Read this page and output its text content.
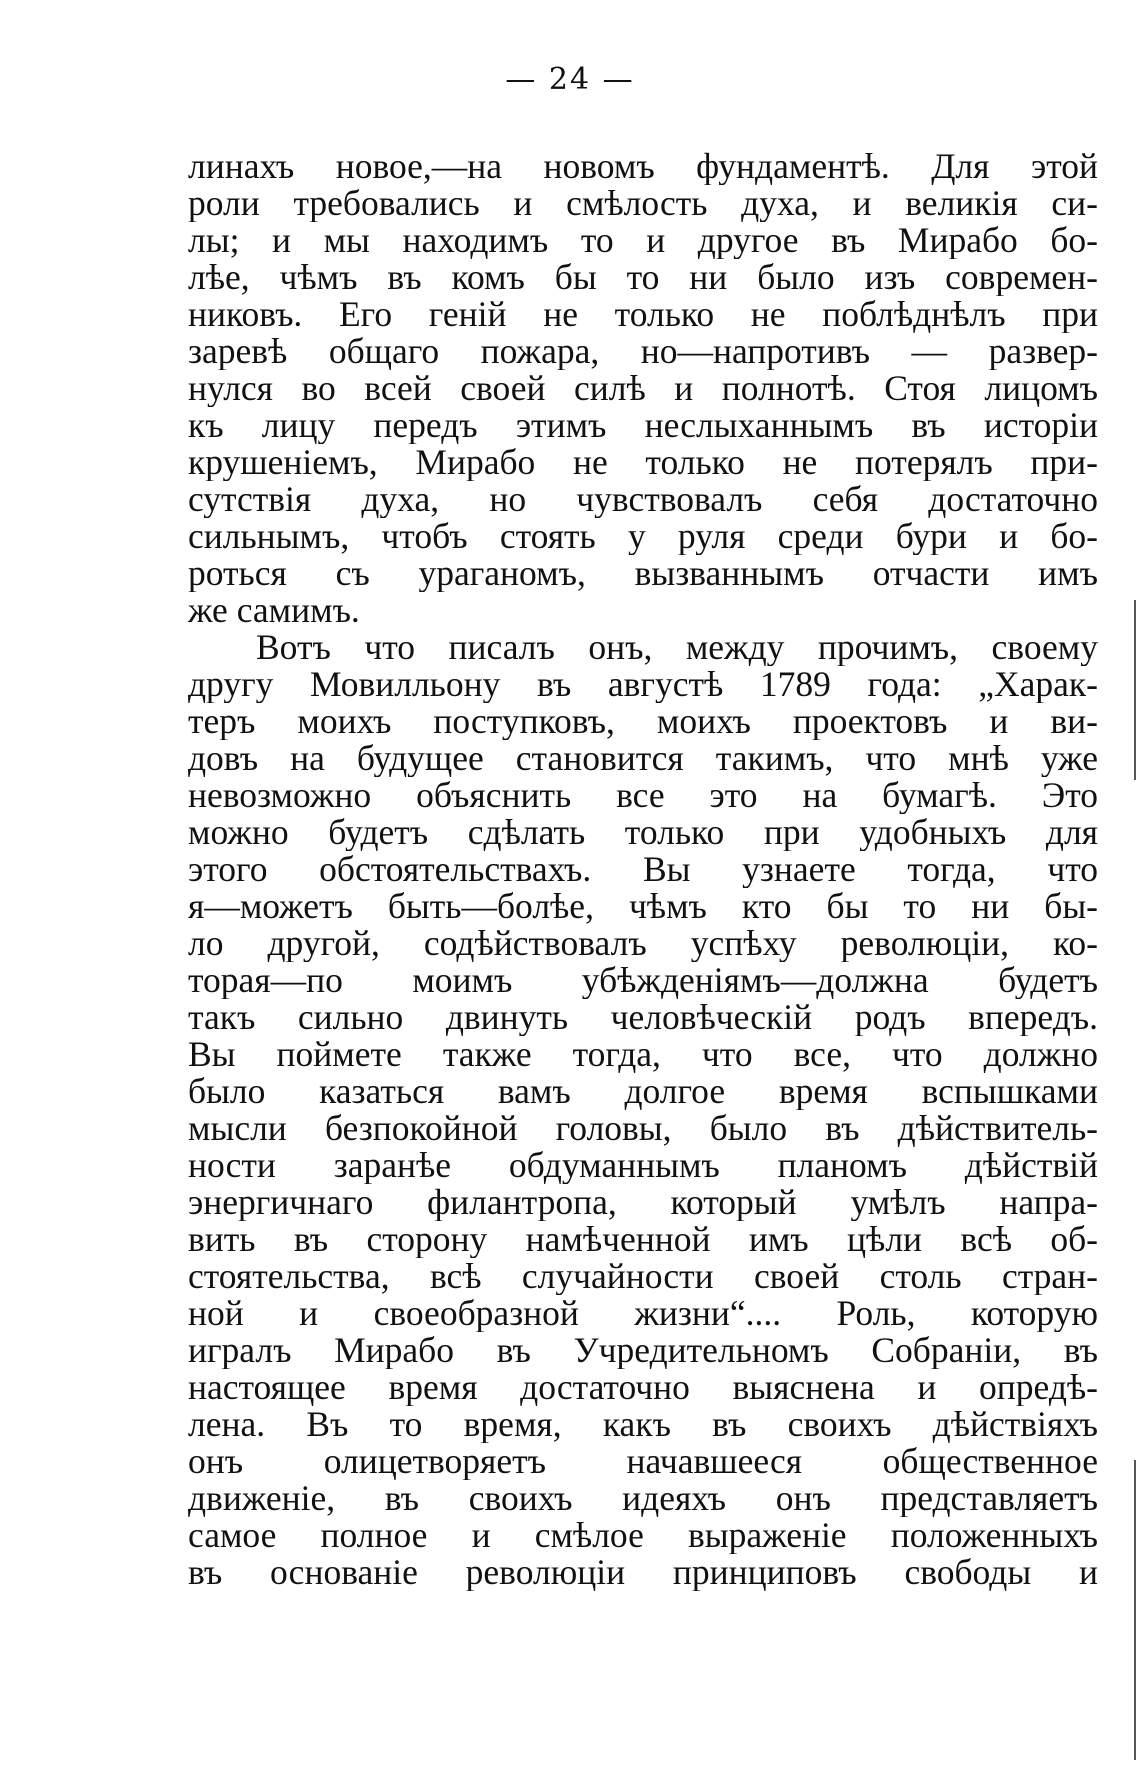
— 24 —
линахъ новое,—на новомъ фундаментѣ. Для этой
роли требовались и смѣлость духа, и великія си-
лы; и мы находимъ то и другое въ Мирабо бо-
лѣе, чѣмъ въ комъ бы то ни было изъ современ-
никовъ. Его геній не только не поблѣднѣлъ при
заревѣ общаго пожара, но—напротивъ — развер-
нулся во всей своей силѣ и полнотѣ. Стоя лицомъ
къ лицу передъ этимъ неслыханнымъ въ исторіи
крушеніемъ, Мирабо не только не потерялъ при-
сутствія духа, но чувствовалъ себя достаточно
сильнымъ, чтобъ стоять у руля среди бури и бо-
роться съ ураганомъ, вызваннымъ отчасти имъ
же самимъ.
Вотъ что писалъ онъ, между прочимъ, своему
другу Мовилльону въ августѣ 1789 года: „Харак-
теръ моихъ поступковъ, моихъ проектовъ и ви-
довъ на будущее становится такимъ, что мнѣ уже
невозможно объяснить все это на бумагѣ. Это
можно будетъ сдѣлать только при удобныхъ для
этого обстоятельствахъ. Вы узнаете тогда, что
я—можетъ быть—болѣе, чѣмъ кто бы то ни бы-
ло другой, содѣйствовалъ успѣху революціи, ко-
торая—по моимъ убѣжденіямъ—должна будетъ
такъ сильно двинуть человѣческій родъ впередъ.
Вы поймете также тогда, что все, что должно
было казаться вамъ долгое время вспышками
мысли безпокойной головы, было въ дѣйствитель-
ности заранѣе обдуманнымъ планомъ дѣйствій
энергичнаго филантропа, который умѣлъ напра-
вить въ сторону намѣченной имъ цѣли всѣ об-
стоятельства, всѣ случайности своей столь стран-
ной и своеобразной жизни“.... Роль, которую
игралъ Мирабо въ Учредительномъ Собраніи, въ
настоящее время достаточно выяснена и опредѣ-
лена. Въ то время, какъ въ своихъ дѣйствіяхъ
онъ олицетворяетъ начавшееся общественное
движеніе, въ своихъ идеяхъ онъ представляетъ
самое полное и смѣлое выраженіе положенныхъ
въ основаніе революціи принциповъ свободы и
